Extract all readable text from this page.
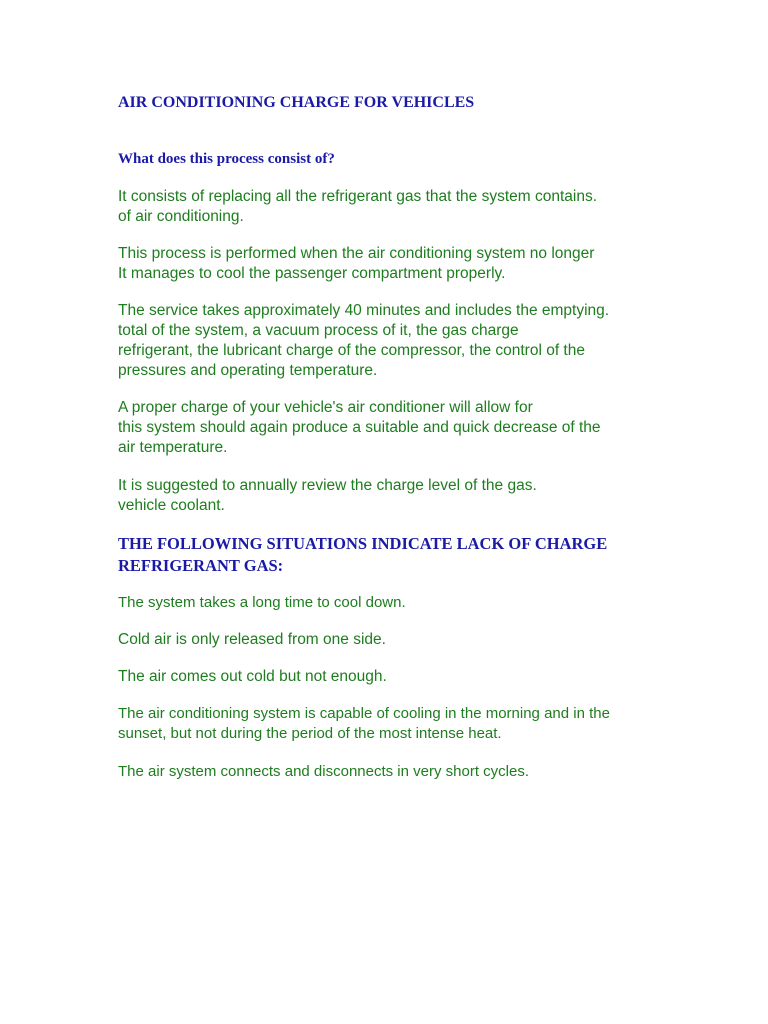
AIR CONDITIONING CHARGE FOR VEHICLES
What does this process consist of?

It consists of replacing all the refrigerant gas that the system contains.
of air conditioning.

This process is performed when the air conditioning system no longer
It manages to cool the passenger compartment properly.

The service takes approximately 40 minutes and includes the emptying.
total of the system, a vacuum process of it, the gas charge
refrigerant, the lubricant charge of the compressor, the control of the
pressures and operating temperature.

A proper charge of your vehicle's air conditioner will allow for
this system should again produce a suitable and quick decrease of the
air temperature.

It is suggested to annually review the charge level of the gas.
vehicle coolant.

THE FOLLOWING SITUATIONS INDICATE LACK OF CHARGE
REFRIGERANT GAS:

The system takes a long time to cool down.

Cold air is only released from one side.

The air comes out cold but not enough.

The air conditioning system is capable of cooling in the morning and in the
sunset, but not during the period of the most intense heat.

The air system connects and disconnects in very short cycles.
